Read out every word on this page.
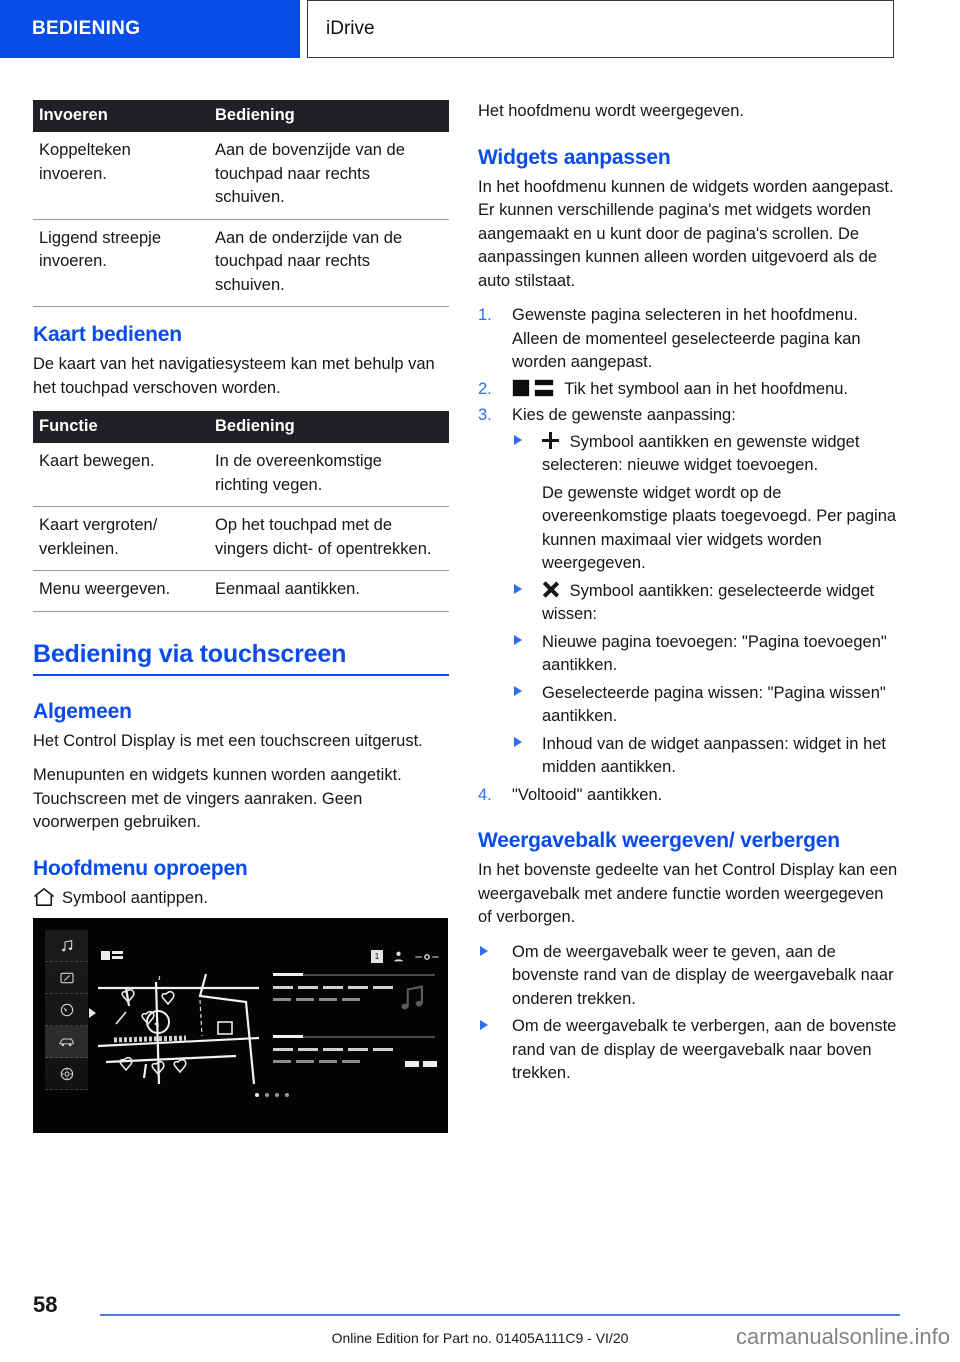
BEDIENING	iDrive
Invoeren	Bediening
Koppelteken invoeren.	Aan de bovenzijde van de touchpad naar rechts schuiven.
Liggend streepje invoeren.	Aan de onderzijde van de touchpad naar rechts schuiven.
Kaart bedienen

De kaart van het navigatiesysteem kan met behulp van het touchpad verschoven worden.

Functie	Bediening
Kaart bewegen.	In de overeenkomstige richting vegen.
Kaart vergroten/ verkleinen.	Op het touchpad met de vingers dicht- of opentrekken.
Menu weergeven.	Eenmaal aantikken.
Bediening via touchscreen
Algemeen

Het Control Display is met een touchscreen uitgerust.

Menupunten en widgets kunnen worden aangetikt. Touchscreen met de vingers aanraken. Geen voorwerpen gebruiken.

Hoofdmenu oproepen
Symbool aantippen.
1

Het hoofdmenu wordt weergegeven.

Widgets aanpassen

In het hoofdmenu kunnen de widgets worden aangepast. Er kunnen verschillende pagina's met widgets worden aangemaakt en u kunt door de pagina's scrollen. De aanpassingen kunnen alleen worden uitgevoerd als de auto stilstaat.

1. Gewenste pagina selecteren in het hoofdmenu. Alleen de momenteel geselecteerde pagina kan worden aangepast.
2.	Tik het symbool aan in het hoofdmenu.
3. Kies de gewenste aanpassing:
Symbool aantikken en gewenste widget selecteren: nieuwe widget toevoegen.
De gewenste widget wordt op de overeenkomstige plaats toegevoegd. Per pagina kunnen maximaal vier widgets worden weergegeven.
Symbool aantikken: geselecteerde widget wissen:
Nieuwe pagina toevoegen: "Pagina toevoegen" aantikken.
Geselecteerde pagina wissen: "Pagina wissen" aantikken.
Inhoud van de widget aanpassen: widget in het midden aantikken.
4. "Voltooid" aantikken.
Weergavebalk weergeven/ verbergen

In het bovenste gedeelte van het Control Display kan een weergavebalk met andere functie worden weergegeven of verborgen.

Om de weergavebalk weer te geven, aan de bovenste rand van de display de weergavebalk naar onderen trekken.
Om de weergavebalk te verbergen, aan de bovenste rand van de display de weergavebalk naar boven trekken.
58
Online Edition for Part no. 01405A111C9 - VI/20	carmanualsonline.info
